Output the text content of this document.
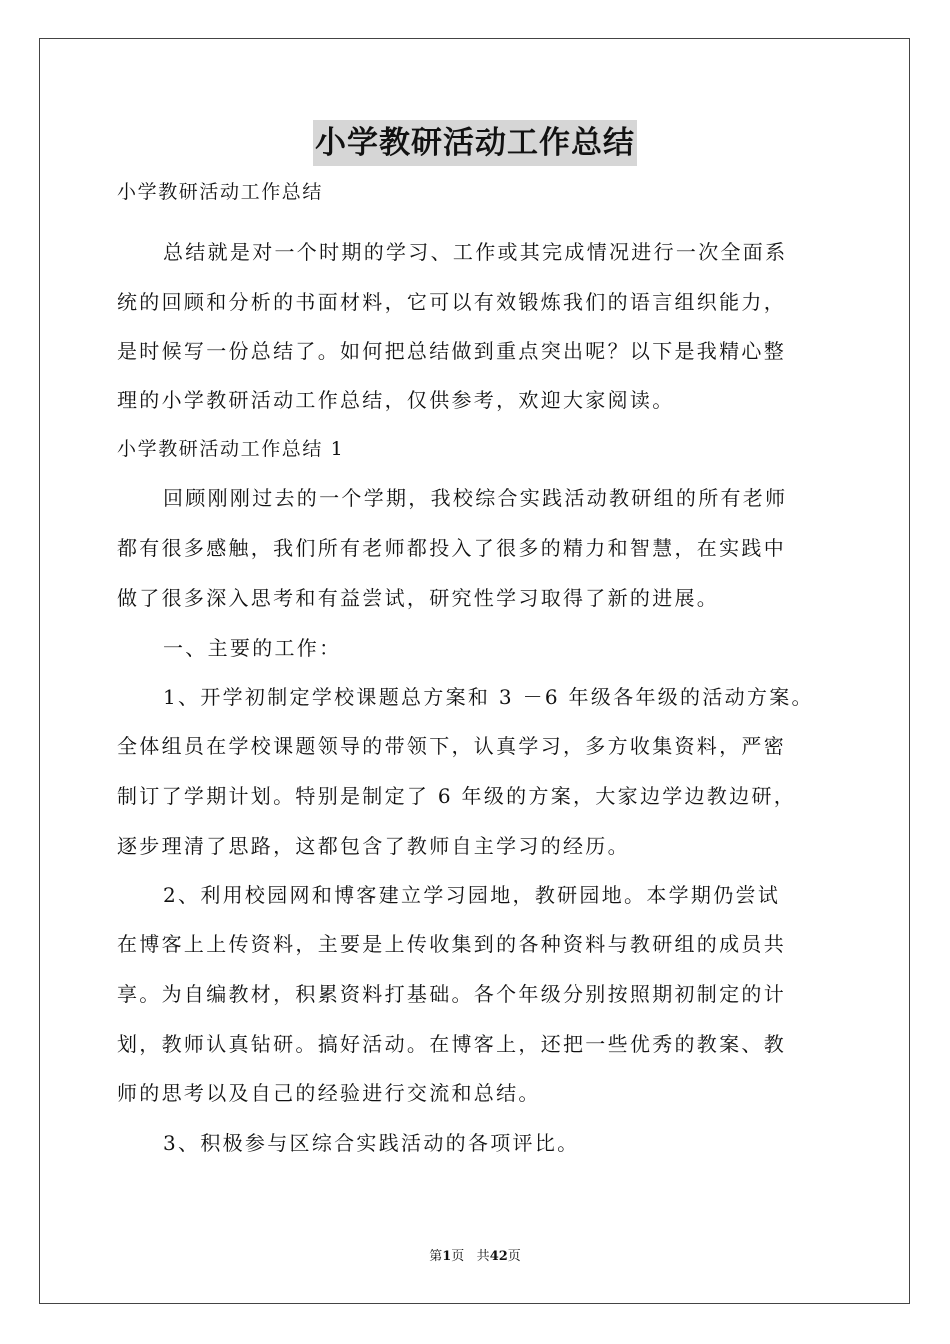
小学教研活动工作总结
小学教研活动工作总结
总结就是对一个时期的学习、工作或其完成情况进行一次全面系
统的回顾和分析的书面材料，它可以有效锻炼我们的语言组织能力，
是时候写一份总结了。如何把总结做到重点突出呢？以下是我精心整
理的小学教研活动工作总结，仅供参考，欢迎大家阅读。
小学教研活动工作总结 1
回顾刚刚过去的一个学期，我校综合实践活动教研组的所有老师
都有很多感触，我们所有老师都投入了很多的精力和智慧，在实践中
做了很多深入思考和有益尝试，研究性学习取得了新的进展。
一、主要的工作：
1、开学初制定学校课题总方案和 3 －6 年级各年级的活动方案。
全体组员在学校课题领导的带领下，认真学习，多方收集资料，严密
制订了学期计划。特别是制定了 6 年级的方案，大家边学边教边研，
逐步理清了思路，这都包含了教师自主学习的经历。
2、利用校园网和博客建立学习园地，教研园地。本学期仍尝试
在博客上上传资料，主要是上传收集到的各种资料与教研组的成员共
享。为自编教材，积累资料打基础。各个年级分别按照期初制定的计
划，教师认真钻研。搞好活动。在博客上，还把一些优秀的教案、教
师的思考以及自己的经验进行交流和总结。
3、积极参与区综合实践活动的各项评比。
第1页 共42页
